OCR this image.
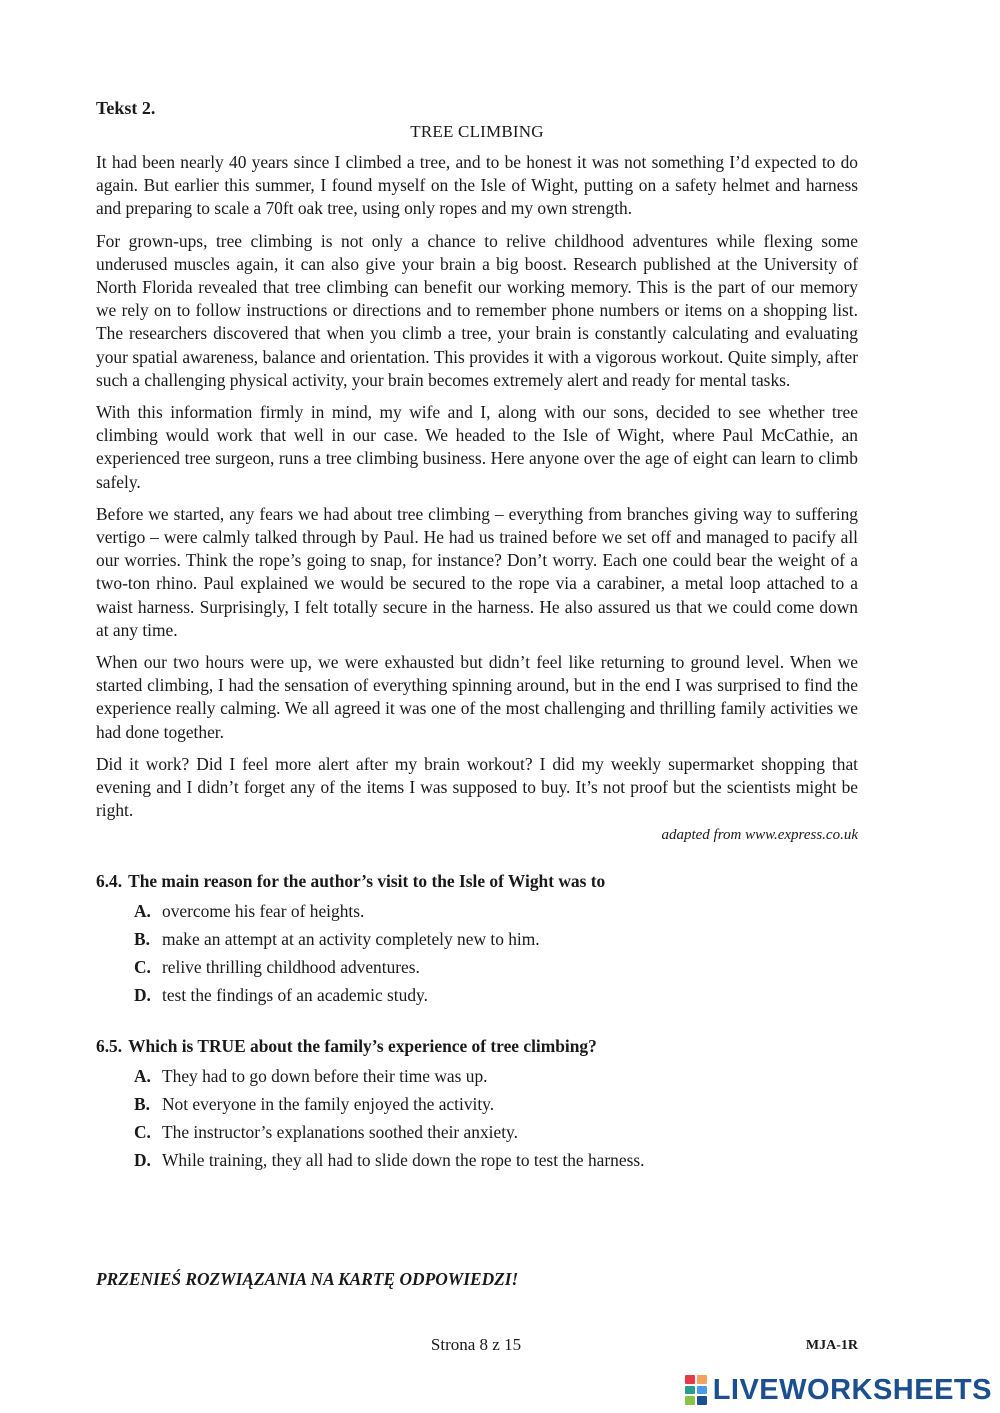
Tekst 2.

TREE CLIMBING

It had been nearly 40 years since I climbed a tree, and to be honest it was not something I’d expected to do again. But earlier this summer, I found myself on the Isle of Wight, putting on a safety helmet and harness and preparing to scale a 70ft oak tree, using only ropes and my own strength.

For grown-ups, tree climbing is not only a chance to relive childhood adventures while flexing some underused muscles again, it can also give your brain a big boost. Research published at the University of North Florida revealed that tree climbing can benefit our working memory. This is the part of our memory we rely on to follow instructions or directions and to remember phone numbers or items on a shopping list. The researchers discovered that when you climb a tree, your brain is constantly calculating and evaluating your spatial awareness, balance and orientation. This provides it with a vigorous workout. Quite simply, after such a challenging physical activity, your brain becomes extremely alert and ready for mental tasks.

With this information firmly in mind, my wife and I, along with our sons, decided to see whether tree climbing would work that well in our case. We headed to the Isle of Wight, where Paul McCathie, an experienced tree surgeon, runs a tree climbing business. Here anyone over the age of eight can learn to climb safely.

Before we started, any fears we had about tree climbing – everything from branches giving way to suffering vertigo – were calmly talked through by Paul. He had us trained before we set off and managed to pacify all our worries. Think the rope’s going to snap, for instance? Don’t worry. Each one could bear the weight of a two-ton rhino. Paul explained we would be secured to the rope via a carabiner, a metal loop attached to a waist harness. Surprisingly, I felt totally secure in the harness. He also assured us that we could come down at any time.

When our two hours were up, we were exhausted but didn’t feel like returning to ground level. When we started climbing, I had the sensation of everything spinning around, but in the end I was surprised to find the experience really calming. We all agreed it was one of the most challenging and thrilling family activities we had done together.

Did it work? Did I feel more alert after my brain workout? I did my weekly supermarket shopping that evening and I didn’t forget any of the items I was supposed to buy. It’s not proof but the scientists might be right.

adapted from www.express.co.uk

6.4. The main reason for the author’s visit to the Isle of Wight was to

A. overcome his fear of heights.
B. make an attempt at an activity completely new to him.
C. relive thrilling childhood adventures.
D. test the findings of an academic study.

6.5. Which is TRUE about the family’s experience of tree climbing?

A. They had to go down before their time was up.
B. Not everyone in the family enjoyed the activity.
C. The instructor’s explanations soothed their anxiety.
D. While training, they all had to slide down the rope to test the harness.

PRZENIEŚ ROZWIĄZANIA NA KARTĘ ODPOWIEDZI!

Strona 8 z 15	MJA-1R
LIVEWORKSHEETS
